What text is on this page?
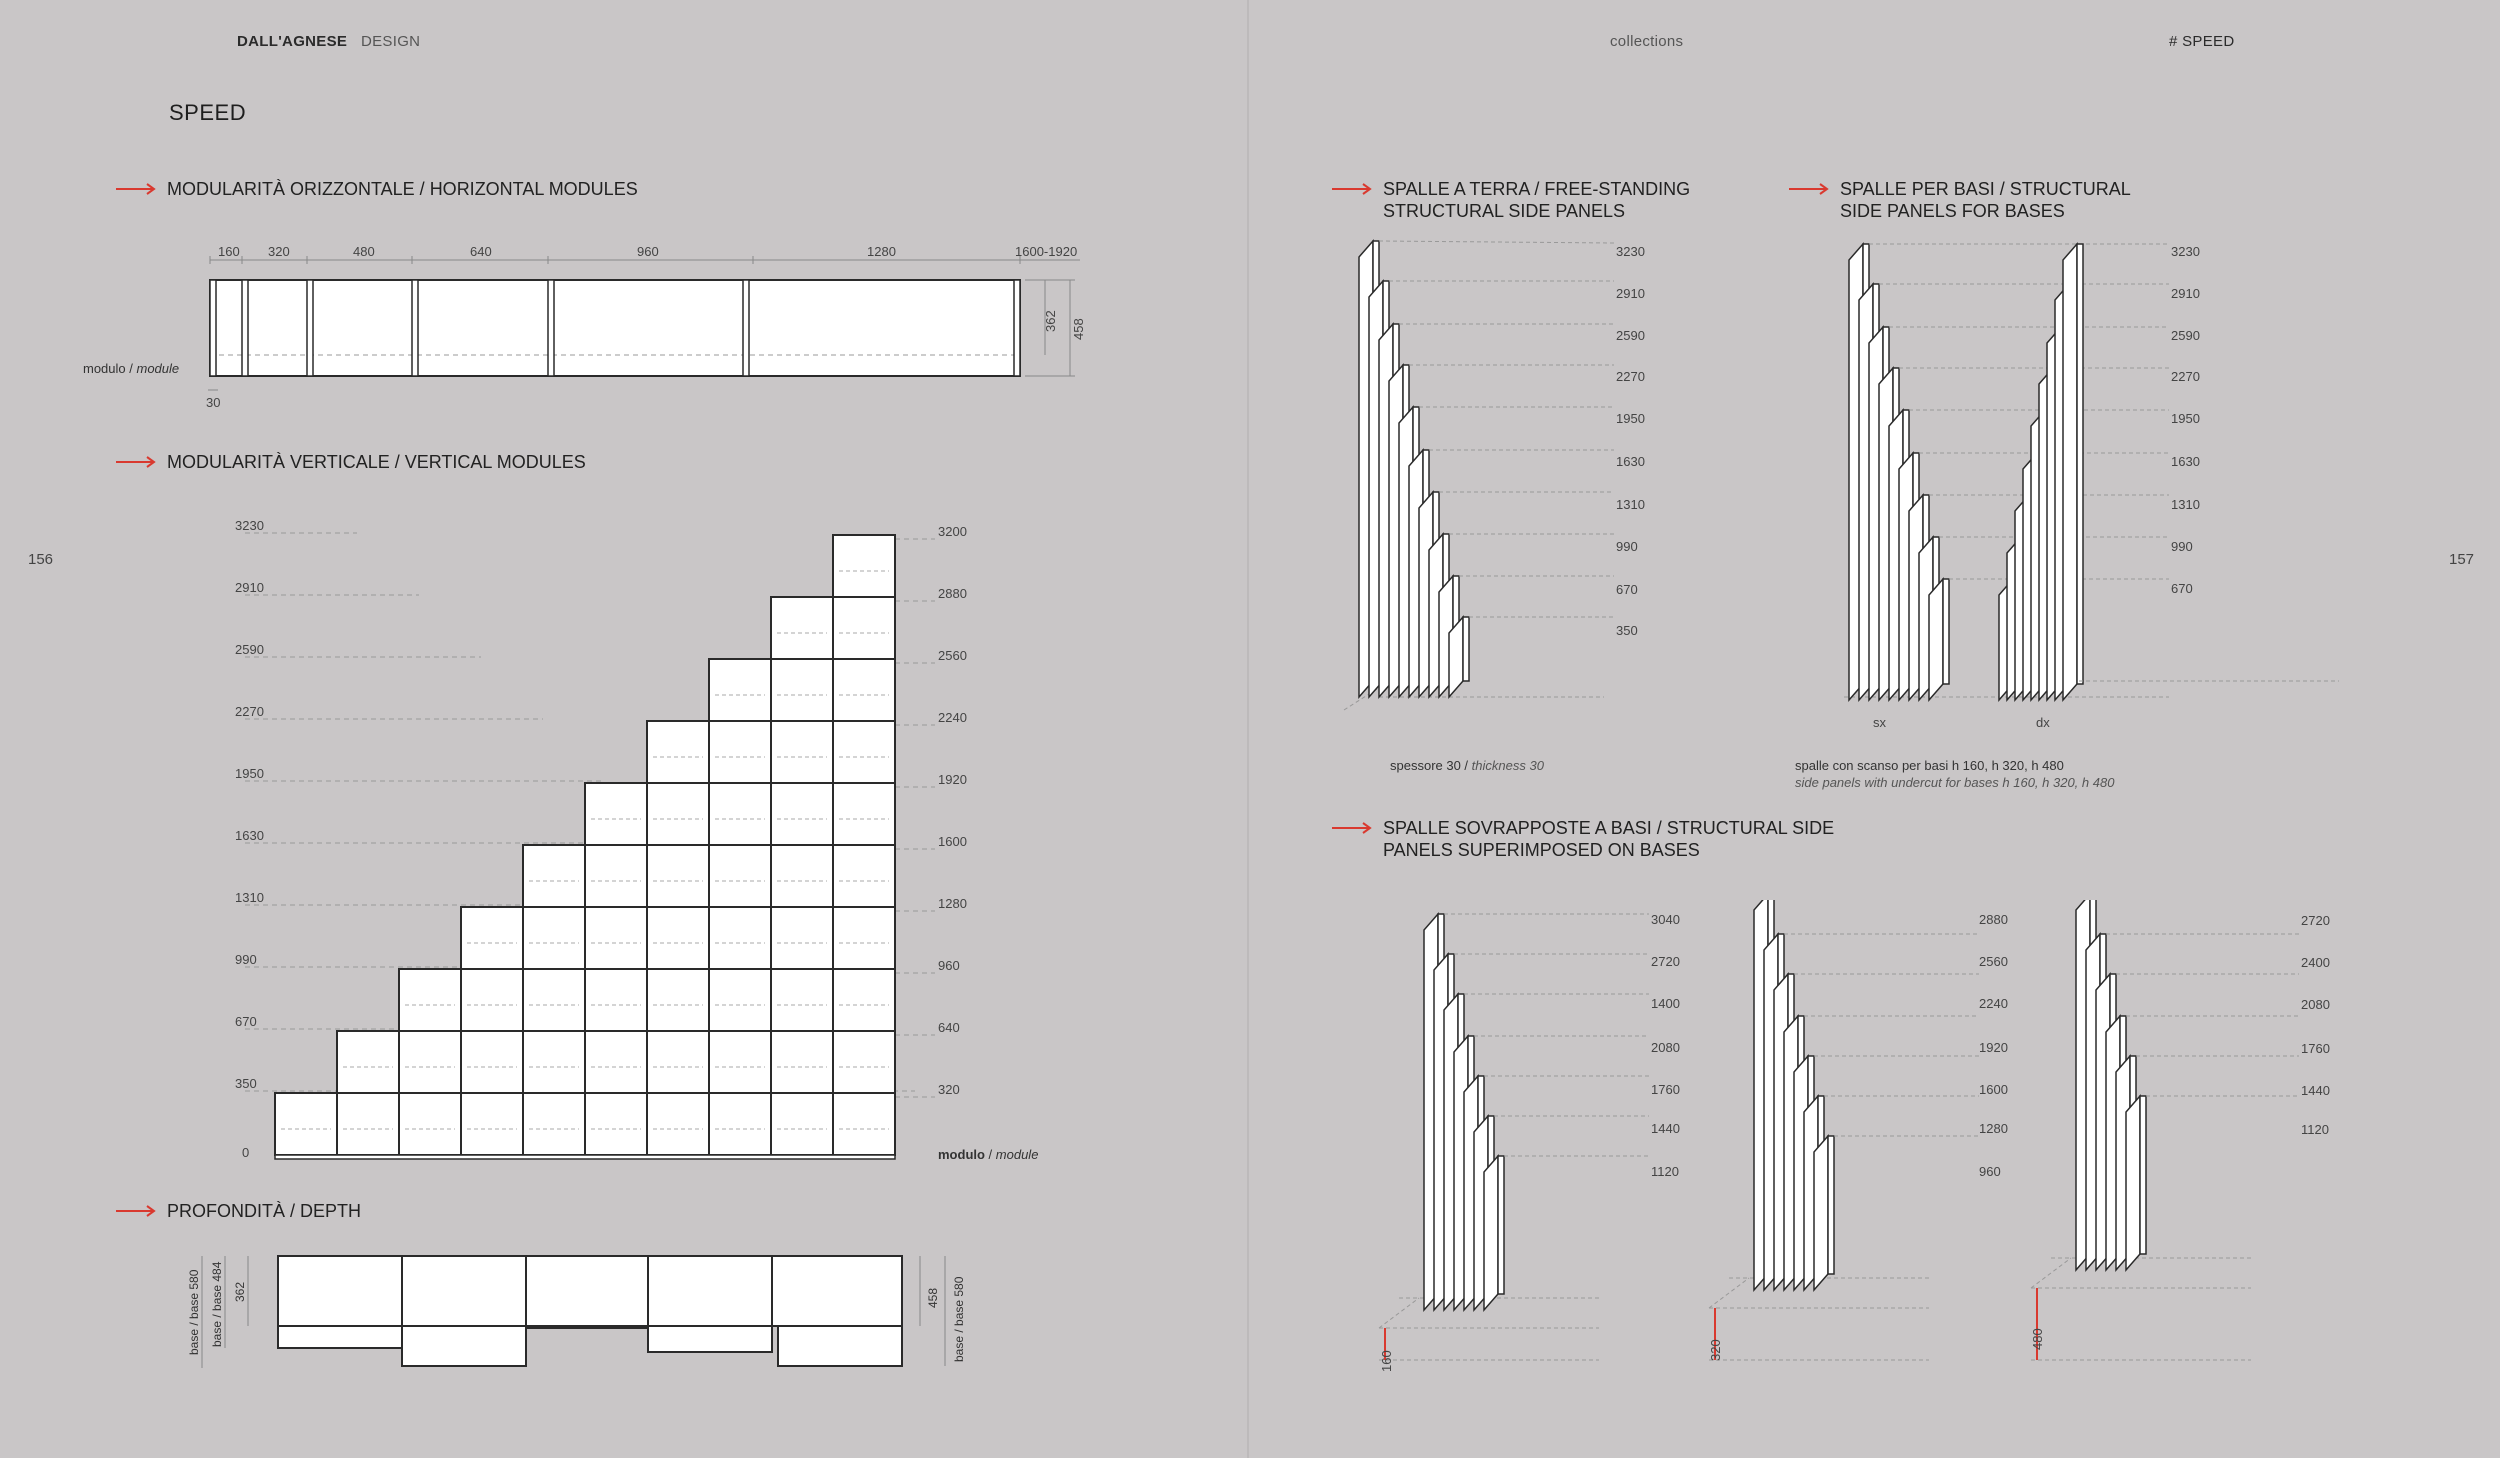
DALL'AGNESE DESIGN
SPEED
156
MODULARITÀ ORIZZONTALE / HORIZONTAL MODULES
MODULARITÀ VERTICALE / VERTICAL MODULES
PROFONDITÀ / DEPTH
160 320	480	640	960	1280	1600-1920
362 458
modulo / module
30
3230
2910
2590
2270
1950
1630
1310
990
670
350
0
3200
2880
2560
2240
1920
1600
1280
960
640
320
modulo / module
base / base 580 base / base 484 362	458 base / base 580
collections	# SPEED
157
SPALLE A TERRA / FREE-STANDING
STRUCTURAL SIDE PANELS
SPALLE PER BASI / STRUCTURAL
SIDE PANELS FOR BASES
SPALLE SOVRAPPOSTE A BASI / STRUCTURAL SIDE
PANELS SUPERIMPOSED ON BASES
3230
2910
2590
2270
1950
1630
1310
990
670
350
spessore 30 / thickness 30
3230
2910
2590
2270
1950
1630
1310
990
670
sx	dx
spalle con scanso per basi h 160, h 320, h 480
side panels with undercut for bases h 160, h 320, h 480
3040
2720
1400
2080
1760
1440
1120
2880
2560
2240
1920
1600
1280
960
2720
2400
2080
1760
1440
1120
160
320
480
